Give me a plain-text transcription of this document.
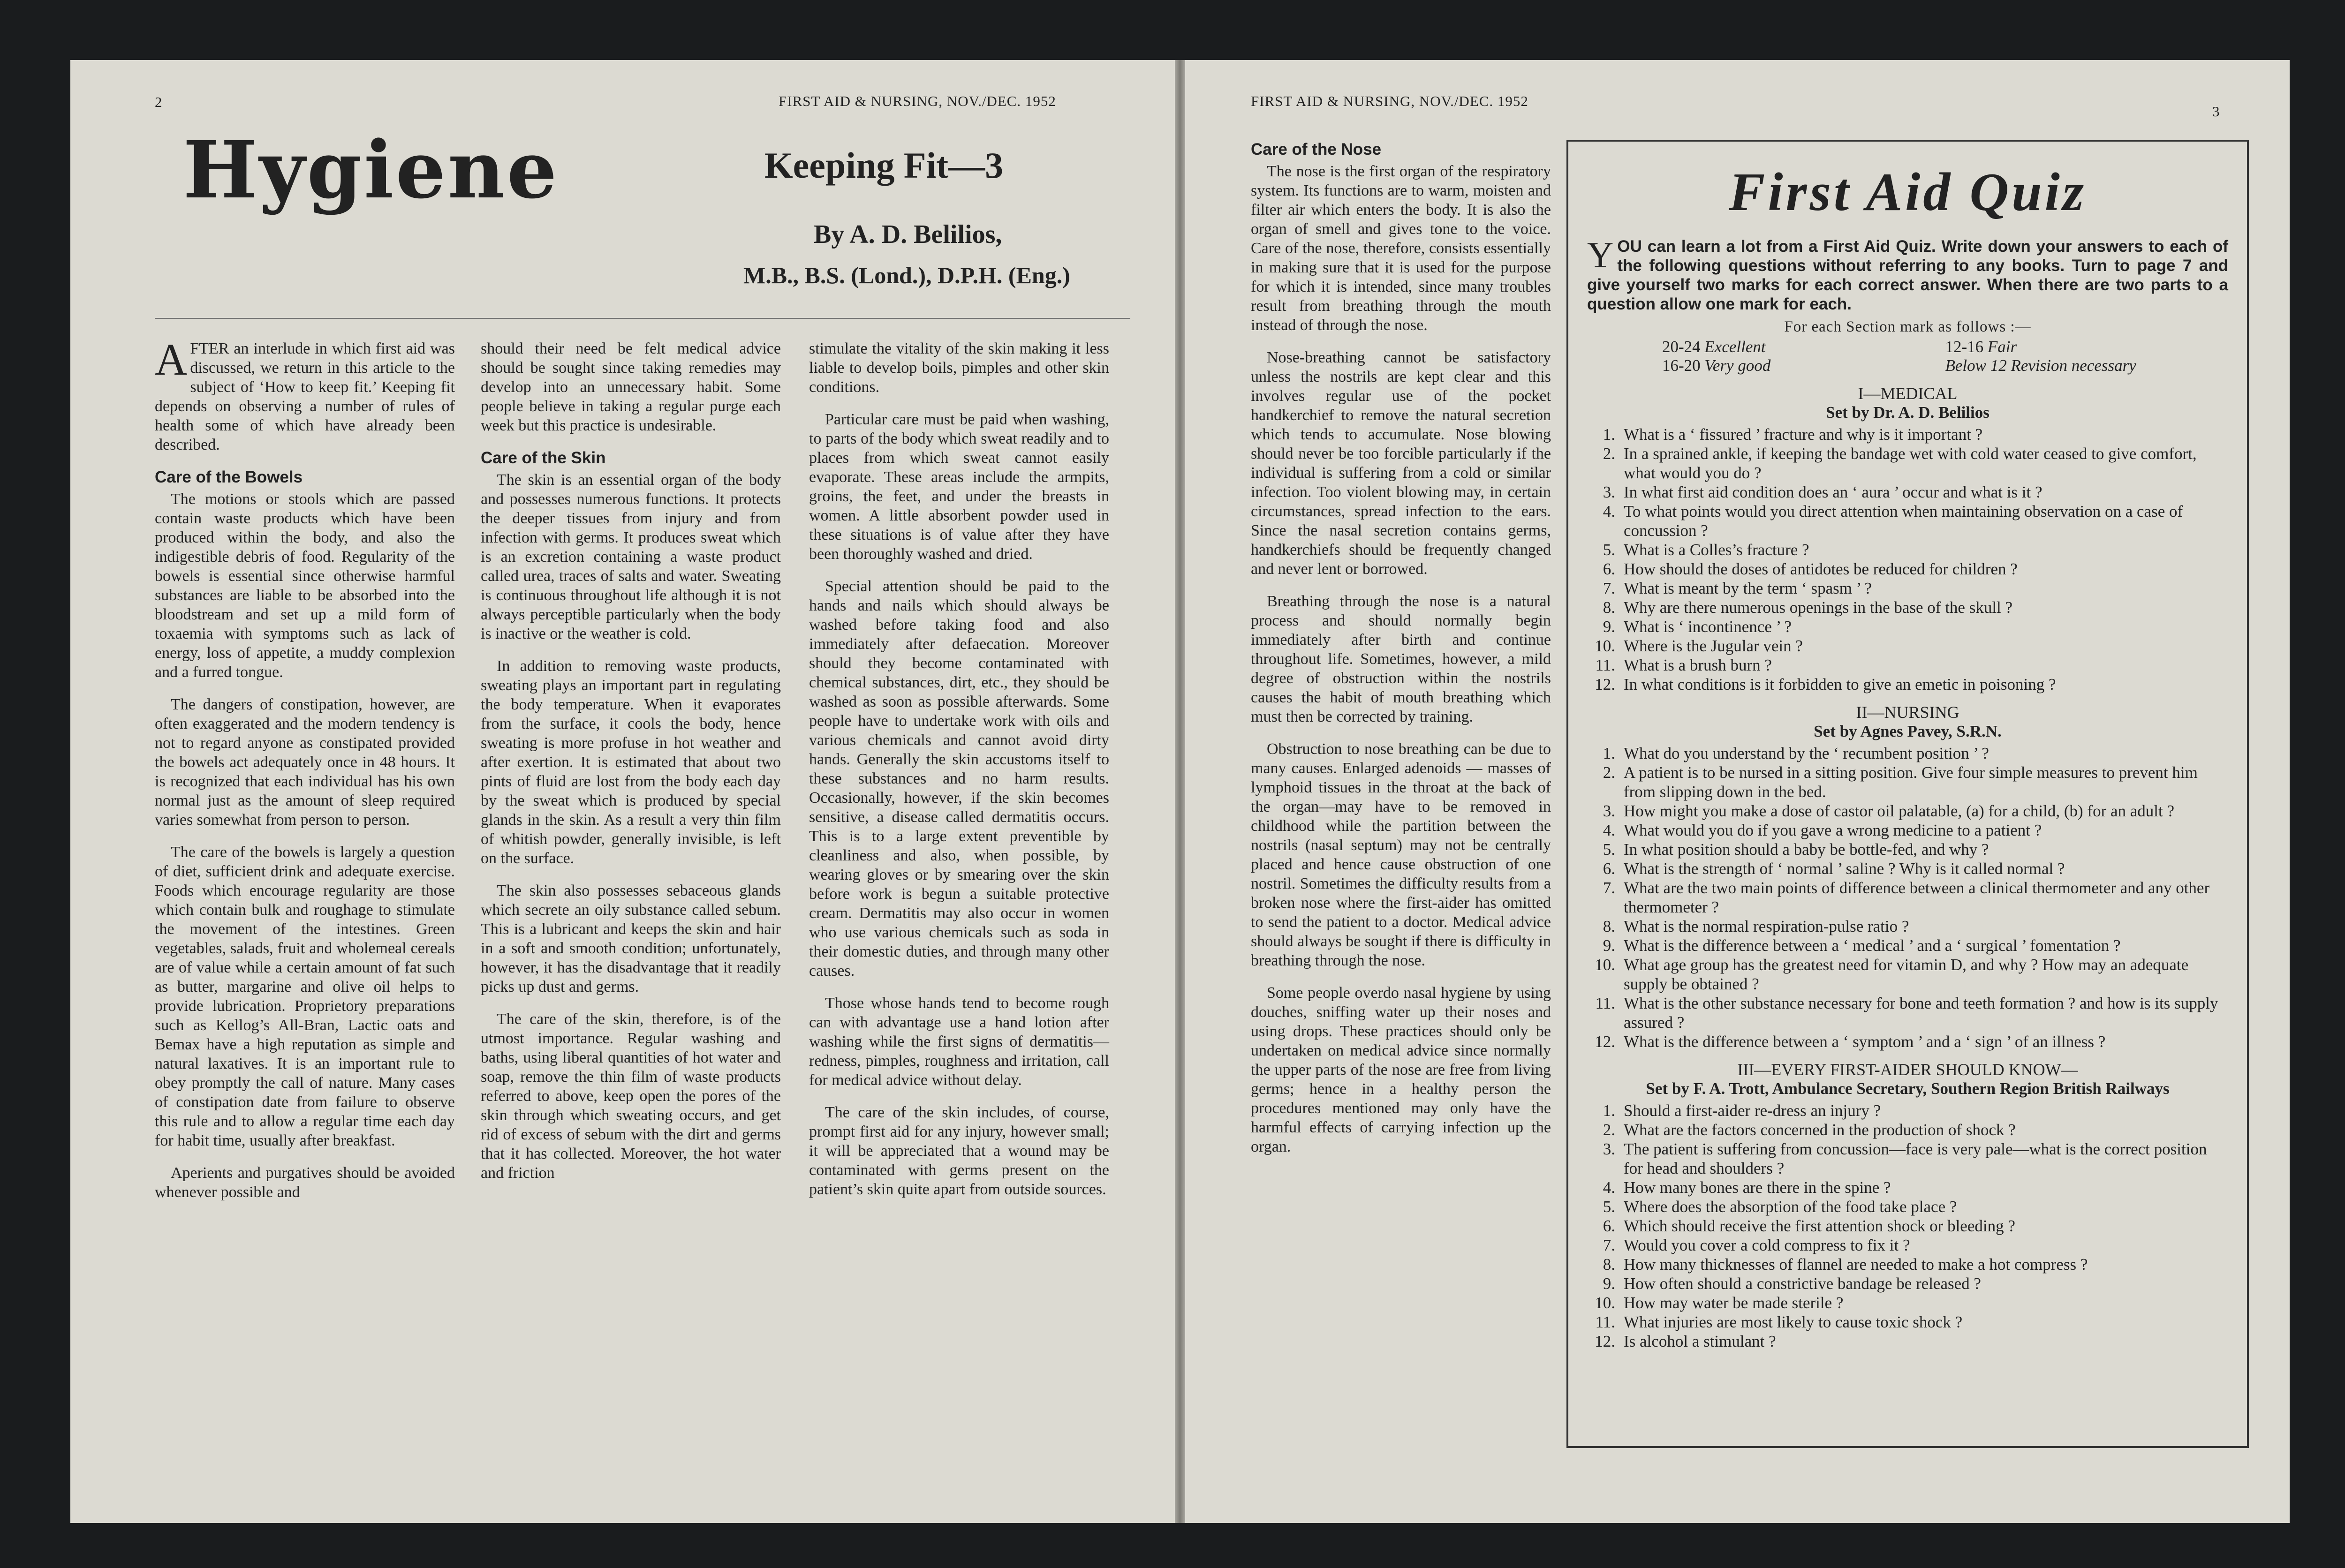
2	FIRST AID & NURSING, NOV./DEC. 1952
Hygiene	Keeping Fit—3
By A. D. Belilios,
M.B., B.S. (Lond.), D.P.H. (Eng.)

AFTER an interlude in which first aid was discussed, we return in this article to the subject of ‘How to keep fit.’ Keeping fit depends on observing a number of rules of health some of which have already been described.

Care of the Bowels

The motions or stools which are passed contain waste products which have been produced within the body, and also the indigestible debris of food. Regularity of the bowels is essential since otherwise harmful substances are liable to be absorbed into the bloodstream and set up a mild form of toxaemia with symptoms such as lack of energy, loss of appetite, a muddy complexion and a furred tongue.

The dangers of constipation, however, are often exaggerated and the modern tendency is not to regard anyone as constipated provided the bowels act adequately once in 48 hours. It is recognized that each individual has his own normal just as the amount of sleep required varies somewhat from person to person.

The care of the bowels is largely a question of diet, sufficient drink and adequate exercise. Foods which encourage regularity are those which contain bulk and roughage to stimulate the movement of the intestines. Green vegetables, salads, fruit and wholemeal cereals are of value while a certain amount of fat such as butter, margarine and olive oil helps to provide lubrication. Proprietory preparations such as Kellog’s All-Bran, Lactic oats and Bemax have a high reputation as simple and natural laxatives. It is an important rule to obey promptly the call of nature. Many cases of constipation date from failure to observe this rule and to allow a regular time each day for habit time, usually after breakfast.

Aperients and purgatives should be avoided whenever possible and

should their need be felt medical advice should be sought since taking remedies may develop into an unnecessary habit. Some people believe in taking a regular purge each week but this practice is undesirable.

Care of the Skin

The skin is an essential organ of the body and possesses numerous functions. It protects the deeper tissues from injury and from infection with germs. It produces sweat which is an excretion containing a waste product called urea, traces of salts and water. Sweating is continuous throughout life although it is not always perceptible particularly when the body is inactive or the weather is cold.

In addition to removing waste products, sweating plays an important part in regulating the body temperature. When it evaporates from the surface, it cools the body, hence sweating is more profuse in hot weather and after exertion. It is estimated that about two pints of fluid are lost from the body each day by the sweat which is produced by special glands in the skin. As a result a very thin film of whitish powder, generally invisible, is left on the surface.

The skin also possesses sebaceous glands which secrete an oily substance called sebum. This is a lubricant and keeps the skin and hair in a soft and smooth condition; unfortunately, however, it has the disadvantage that it readily picks up dust and germs.

The care of the skin, therefore, is of the utmost importance. Regular washing and baths, using liberal quantities of hot water and soap, remove the thin film of waste products referred to above, keep open the pores of the skin through which sweating occurs, and get rid of excess of sebum with the dirt and germs that it has collected. Moreover, the hot water and friction

stimulate the vitality of the skin making it less liable to develop boils, pimples and other skin conditions.

Particular care must be paid when washing, to parts of the body which sweat readily and to places from which sweat cannot easily evaporate. These areas include the armpits, groins, the feet, and under the breasts in women. A little absorbent powder used in these situations is of value after they have been thoroughly washed and dried.

Special attention should be paid to the hands and nails which should always be washed before taking food and also immediately after defaecation. Moreover should they become contaminated with chemical substances, dirt, etc., they should be washed as soon as possible afterwards. Some people have to undertake work with oils and various chemicals and cannot avoid dirty hands. Generally the skin accustoms itself to these substances and no harm results. Occasionally, however, if the skin becomes sensitive, a disease called dermatitis occurs. This is to a large extent preventible by cleanliness and also, when possible, by wearing gloves or by smearing over the skin before work is begun a suitable protective cream. Dermatitis may also occur in women who use various chemicals such as soda in their domestic duties, and through many other causes.

Those whose hands tend to become rough can with advantage use a hand lotion after washing while the first signs of dermatitis—redness, pimples, roughness and irritation, call for medical advice without delay.

The care of the skin includes, of course, prompt first aid for any injury, however small; it will be appreciated that a wound may be contaminated with germs present on the patient’s skin quite apart from outside sources.

FIRST AID & NURSING, NOV./DEC. 1952
3
Care of the Nose

The nose is the first organ of the respiratory system. Its functions are to warm, moisten and filter air which enters the body. It is also the organ of smell and gives tone to the voice. Care of the nose, therefore, consists essentially in making sure that it is used for the purpose for which it is intended, since many troubles result from breathing through the mouth instead of through the nose.

Nose-breathing cannot be satisfactory unless the nostrils are kept clear and this involves regular use of the pocket handkerchief to remove the natural secretion which tends to accumulate. Nose blowing should never be too forcible particularly if the individual is suffering from a cold or similar infection. Too violent blowing may, in certain circumstances, spread infection to the ears. Since the nasal secretion contains germs, handkerchiefs should be frequently changed and never lent or borrowed.

Breathing through the nose is a natural process and should normally begin immediately after birth and continue throughout life. Sometimes, however, a mild degree of obstruction within the nostrils causes the habit of mouth breathing which must then be corrected by training.

Obstruction to nose breathing can be due to many causes. Enlarged adenoids — masses of lymphoid tissues in the throat at the back of the organ—may have to be removed in childhood while the partition between the nostrils (nasal septum) may not be centrally placed and hence cause obstruction of one nostril. Sometimes the difficulty results from a broken nose where the first-aider has omitted to send the patient to a doctor. Medical advice should always be sought if there is difficulty in breathing through the nose.

Some people overdo nasal hygiene by using douches, sniffing water up their noses and using drops. These practices should only be undertaken on medical advice since normally the upper parts of the nose are free from living germs; hence in a healthy person the procedures mentioned may only have the harmful effects of carrying infection up the organ.

First Aid Quiz
YOU can learn a lot from a First Aid Quiz. Write down your answers to each of the following questions without referring to any books. Turn to page 7 and give yourself two marks for each correct answer. When there are two parts to a question allow one mark for each.
For each Section mark as follows :—
20-24 Excellent	12-16 Fair
16-20 Very good	Below 12 Revision necessary
I—MEDICAL
Set by Dr. A. D. Belilios
1. What is a ‘ fissured ’ fracture and why is it important ?
2. In a sprained ankle, if keeping the bandage wet with cold water ceased to give comfort, what would you do ?
3. In what first aid condition does an ‘ aura ’ occur and what is it ?
4. To what points would you direct attention when maintaining observation on a case of concussion ?
5. What is a Colles’s fracture ?
6. How should the doses of antidotes be reduced for children ?
7. What is meant by the term ‘ spasm ’ ?
8. Why are there numerous openings in the base of the skull ?
9. What is ‘ incontinence ’ ?
10. Where is the Jugular vein ?
11. What is a brush burn ?
12. In what conditions is it forbidden to give an emetic in poisoning ?
II—NURSING
Set by Agnes Pavey, S.R.N.
1. What do you understand by the ‘ recumbent position ’ ?
2. A patient is to be nursed in a sitting position. Give four simple measures to prevent him from slipping down in the bed.
3. How might you make a dose of castor oil palatable, (a) for a child, (b) for an adult ?
4. What would you do if you gave a wrong medicine to a patient ?
5. In what position should a baby be bottle-fed, and why ?
6. What is the strength of ‘ normal ’ saline ? Why is it called normal ?
7. What are the two main points of difference between a clinical thermometer and any other thermometer ?
8. What is the normal respiration-pulse ratio ?
9. What is the difference between a ‘ medical ’ and a ‘ surgical ’ fomentation ?
10. What age group has the greatest need for vitamin D, and why ? How may an adequate supply be obtained ?
11. What is the other substance necessary for bone and teeth formation ? and how is its supply assured ?
12. What is the difference between a ‘ symptom ’ and a ‘ sign ’ of an illness ?
III—EVERY FIRST-AIDER SHOULD KNOW—
Set by F. A. Trott, Ambulance Secretary, Southern Region British Railways
1. Should a first-aider re-dress an injury ?
2. What are the factors concerned in the production of shock ?
3. The patient is suffering from concussion—face is very pale—what is the correct position for head and shoulders ?
4. How many bones are there in the spine ?
5. Where does the absorption of the food take place ?
6. Which should receive the first attention shock or bleeding ?
7. Would you cover a cold compress to fix it ?
8. How many thicknesses of flannel are needed to make a hot compress ?
9. How often should a constrictive bandage be released ?
10. How may water be made sterile ?
11. What injuries are most likely to cause toxic shock ?
12. Is alcohol a stimulant ?
